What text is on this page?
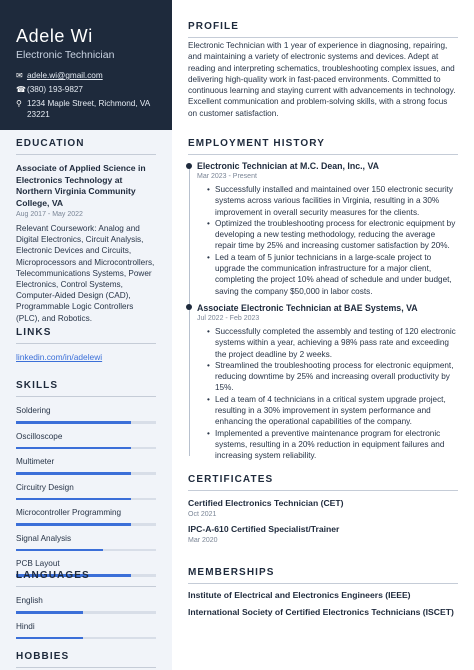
Adele Wi
Electronic Technician
✉ adele.wi@gmail.com
☎ (380) 193-9827
⚲ 1234 Maple Street, Richmond, VA 23221
EDUCATION
Associate of Applied Science in Electronics Technology at Northern Virginia Community College, VA
Aug 2017 - May 2022
Relevant Coursework: Analog and Digital Electronics, Circuit Analysis, Electronic Devices and Circuits, Microprocessors and Microcontrollers, Telecommunications Systems, Power Electronics, Control Systems, Computer-Aided Design (CAD), Programmable Logic Controllers (PLC), and Robotics.
LINKS
linkedin.com/in/adelewi
SKILLS
Soldering
Oscilloscope
Multimeter
Circuitry Design
Microcontroller Programming
Signal Analysis
PCB Layout
LANGUAGES
English
Hindi
HOBBIES
PROFILE
Electronic Technician with 1 year of experience in diagnosing, repairing, and maintaining a variety of electronic systems and devices. Adept at reading and interpreting schematics, troubleshooting complex issues, and delivering high-quality work in fast-paced environments. Committed to continuous learning and staying current with advancements in technology. Excellent communication and problem-solving skills, with a strong focus on customer satisfaction.
EMPLOYMENT HISTORY
Electronic Technician at M.C. Dean, Inc., VA
Mar 2023 - Present
• Successfully installed and maintained over 150 electronic security systems across various facilities in Virginia, resulting in a 30% improvement in overall security measures for the clients.
• Optimized the troubleshooting process for electronic equipment by developing a new testing methodology, reducing the average repair time by 25% and increasing customer satisfaction by 20%.
• Led a team of 5 junior technicians in a large-scale project to upgrade the communication infrastructure for a major client, completing the project 10% ahead of schedule and under budget, saving the company $50,000 in labor costs.
Associate Electronic Technician at BAE Systems, VA
Jul 2022 - Feb 2023
• Successfully completed the assembly and testing of 120 electronic systems within a year, achieving a 98% pass rate and exceeding the project deadline by 2 weeks.
• Streamlined the troubleshooting process for electronic equipment, reducing downtime by 25% and increasing overall productivity by 15%.
• Led a team of 4 technicians in a critical system upgrade project, resulting in a 30% improvement in system performance and enhancing the operational capabilities of the company.
• Implemented a preventive maintenance program for electronic systems, resulting in a 20% reduction in equipment failures and increasing system reliability.
CERTIFICATES
Certified Electronics Technician (CET)
Oct 2021
IPC-A-610 Certified Specialist/Trainer
Mar 2020
MEMBERSHIPS
Institute of Electrical and Electronics Engineers (IEEE)
International Society of Certified Electronics Technicians (ISCET)
